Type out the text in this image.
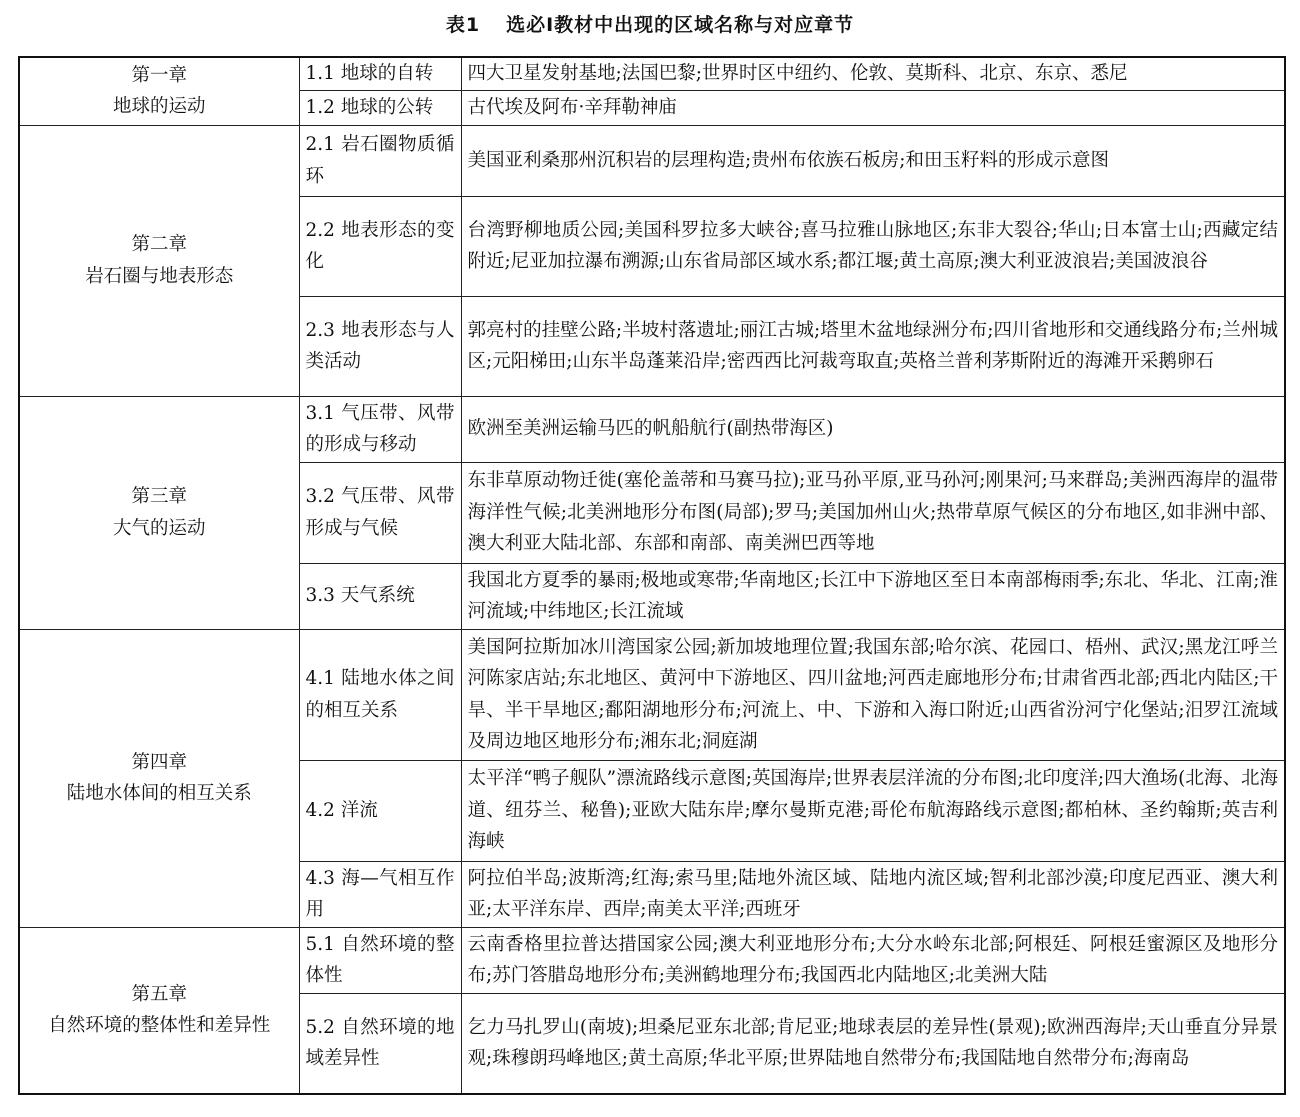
表1 选必Ⅰ教材中出现的区域名称与对应章节
第一章
地球的运动	1.1 地球的自转	四大卫星发射基地;法国巴黎;世界时区中纽约、伦敦、莫斯科、北京、东京、悉尼
	1.2 地球的公转	古代埃及阿布·辛拜勒神庙

第二章
岩石圈与地表形态	2.1 岩石圈物质循环	美国亚利桑那州沉积岩的层理构造;贵州布依族石板房;和田玉籽料的形成示意图
	2.2 地表形态的变化	台湾野柳地质公园;美国科罗拉多大峡谷;喜马拉雅山脉地区;东非大裂谷;华山;日本富士山;西藏定结附近;尼亚加拉瀑布溯源;山东省局部区域水系;都江堰;黄土高原;澳大利亚波浪岩;美国波浪谷
	2.3 地表形态与人类活动	郭亮村的挂壁公路;半坡村落遗址;丽江古城;塔里木盆地绿洲分布;四川省地形和交通线路分布;兰州城区;元阳梯田;山东半岛蓬莱沿岸;密西西比河裁弯取直;英格兰普利茅斯附近的海滩开采鹅卵石

第三章
大气的运动	3.1 气压带、风带的形成与移动	欧洲至美洲运输马匹的帆船航行(副热带海区)
	3.2 气压带、风带形成与气候	东非草原动物迁徙(塞伦盖蒂和马赛马拉);亚马孙平原,亚马孙河;刚果河;马来群岛;美洲西海岸的温带海洋性气候;北美洲地形分布图(局部);罗马;美国加州山火;热带草原气候区的分布地区,如非洲中部、澳大利亚大陆北部、东部和南部、南美洲巴西等地
	3.3 天气系统	我国北方夏季的暴雨;极地或寒带;华南地区;长江中下游地区至日本南部梅雨季;东北、华北、江南;淮河流域;中纬地区;长江流域

第四章
陆地水体间的相互关系	4.1 陆地水体之间的相互关系	美国阿拉斯加冰川湾国家公园;新加坡地理位置;我国东部;哈尔滨、花园口、梧州、武汉;黑龙江呼兰河陈家店站;东北地区、黄河中下游地区、四川盆地;河西走廊地形分布;甘肃省西北部;西北内陆区;干旱、半干旱地区;鄱阳湖地形分布;河流上、中、下游和入海口附近;山西省汾河宁化堡站;汨罗江流域及周边地区地形分布;湘东北;洞庭湖
	4.2 洋流	太平洋“鸭子舰队”漂流路线示意图;英国海岸;世界表层洋流的分布图;北印度洋;四大渔场(北海、北海道、纽芬兰、秘鲁);亚欧大陆东岸;摩尔曼斯克港;哥伦布航海路线示意图;都柏林、圣约翰斯;英吉利海峡
	4.3 海—气相互作用	阿拉伯半岛;波斯湾;红海;索马里;陆地外流区域、陆地内流区域;智利北部沙漠;印度尼西亚、澳大利亚;太平洋东岸、西岸;南美太平洋;西班牙

第五章
自然环境的整体性和差异性	5.1 自然环境的整体性	云南香格里拉普达措国家公园;澳大利亚地形分布;大分水岭东北部;阿根廷、阿根廷蜜源区及地形分布;苏门答腊岛地形分布;美洲鹤地理分布;我国西北内陆地区;北美洲大陆
	5.2 自然环境的地域差异性	乞力马扎罗山(南坡);坦桑尼亚东北部;肯尼亚;地球表层的差异性(景观);欧洲西海岸;天山垂直分异景观;珠穆朗玛峰地区;黄土高原;华北平原;世界陆地自然带分布;我国陆地自然带分布;海南岛
